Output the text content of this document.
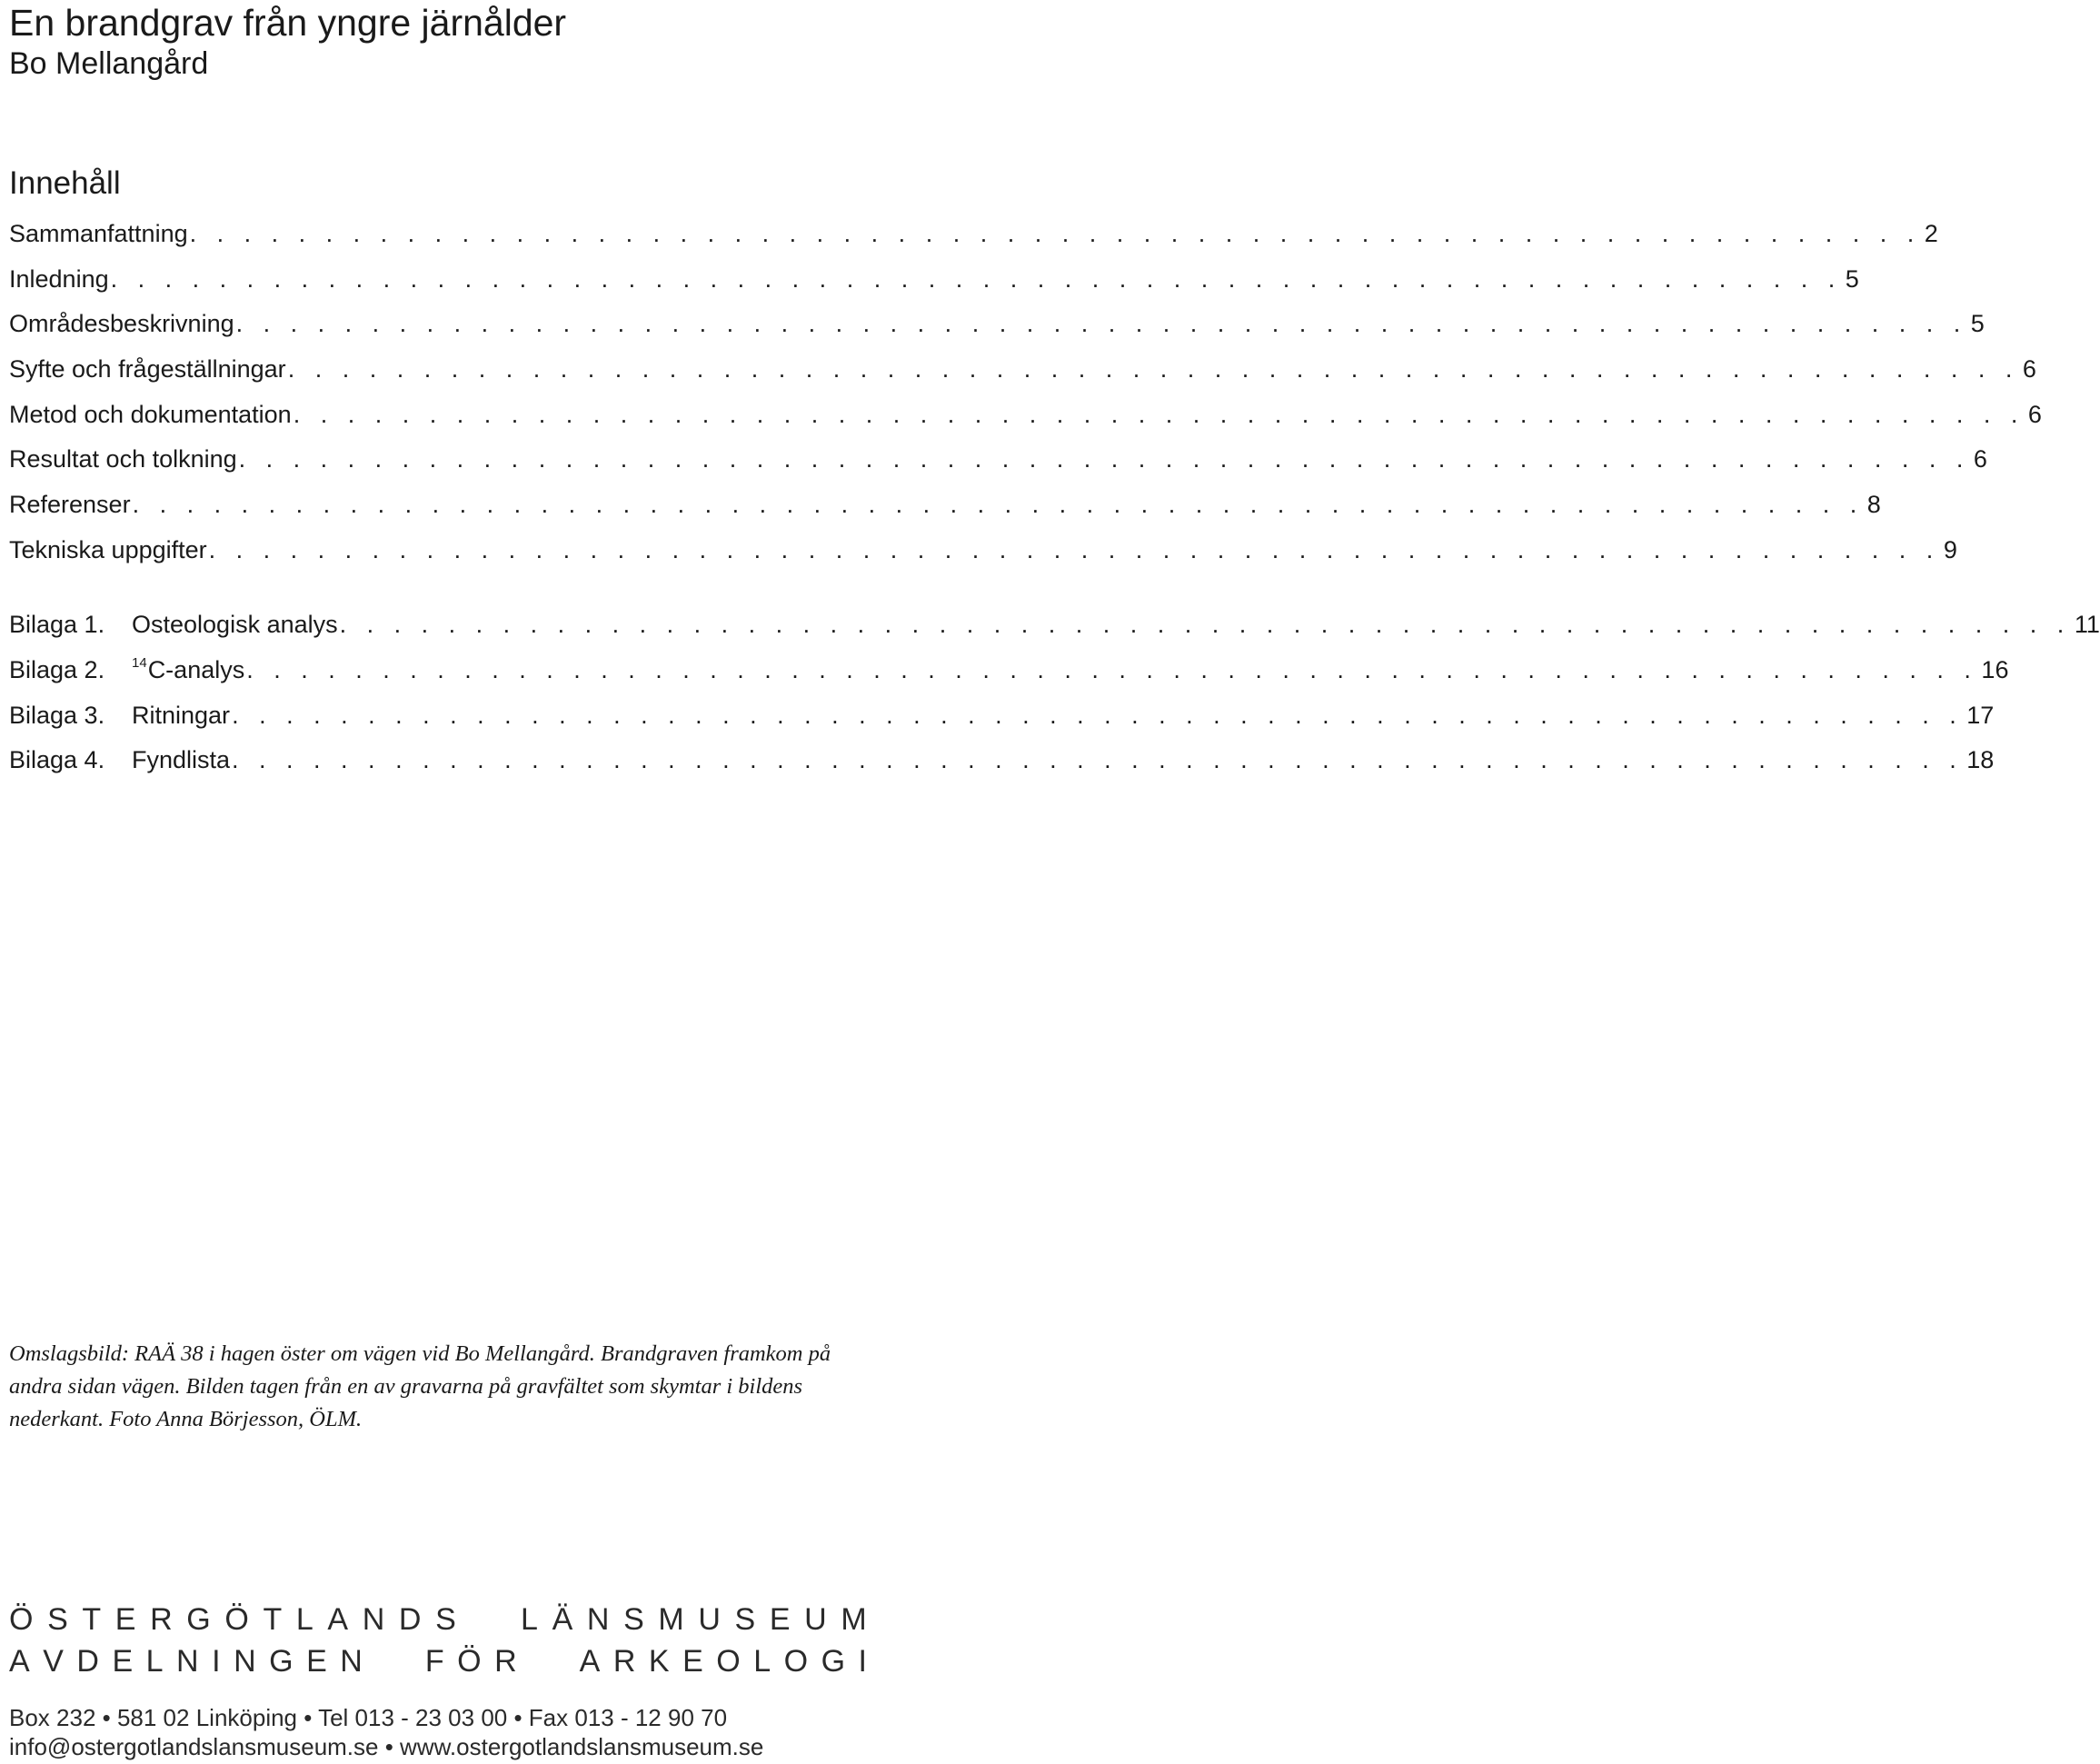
En brandgrav från yngre järnålder
Bo Mellangård
Innehåll
Sammanfattning . . . . . . . . . . . . . . . . . . . . . . . . . . . . . . . . . . . . . . . . . . . . . . . . . . . . . . . . . . . . . . . . 2
Inledning . . . . . . . . . . . . . . . . . . . . . . . . . . . . . . . . . . . . . . . . . . . . . . . . . . . . . . . . . . . . . . . . 5
Områdesbeskrivning . . . . . . . . . . . . . . . . . . . . . . . . . . . . . . . . . . . . . . . . . . . . . . . . . . . . . . . . . . . . . . . . 5
Syfte och frågeställningar . . . . . . . . . . . . . . . . . . . . . . . . . . . . . . . . . . . . . . . . . . . . . . . . . . . . . . . . . . . . . . . . 6
Metod och dokumentation . . . . . . . . . . . . . . . . . . . . . . . . . . . . . . . . . . . . . . . . . . . . . . . . . . . . . . . . . . . . . . . . 6
Resultat och tolkning . . . . . . . . . . . . . . . . . . . . . . . . . . . . . . . . . . . . . . . . . . . . . . . . . . . . . . . . . . . . . . . . 6
Referenser . . . . . . . . . . . . . . . . . . . . . . . . . . . . . . . . . . . . . . . . . . . . . . . . . . . . . . . . . . . . . . . . 8
Tekniska uppgifter . . . . . . . . . . . . . . . . . . . . . . . . . . . . . . . . . . . . . . . . . . . . . . . . . . . . . . . . . . . . . . . . 9
Bilaga 1. Osteologisk analys . . . . . . . . . . . . . . . . . . . . . . . . . . . . . . . . . . . . . . . . . . . . . . . . . . . . . . . . . . . . . . . . 11
Bilaga 2. $^{14}$C-analys . . . . . . . . . . . . . . . . . . . . . . . . . . . . . . . . . . . . . . . . . . . . . . . . . . . . . . . . . . . . . . . . 16
Bilaga 3. Ritningar . . . . . . . . . . . . . . . . . . . . . . . . . . . . . . . . . . . . . . . . . . . . . . . . . . . . . . . . . . . . . . . . 17
Bilaga 4. Fyndlista . . . . . . . . . . . . . . . . . . . . . . . . . . . . . . . . . . . . . . . . . . . . . . . . . . . . . . . . . . . . . . . . 18
Omslagsbild: RAÄ 38 i hagen öster om vägen vid Bo Mellangård. Brandgraven framkom på andra sidan vägen. Bilden tagen från en av gravarna på gravfältet som skymtar i bildens nederkant. Foto Anna Börjesson, ÖLM.
Ö S T E R G Ö T L A N D S
L Ä N S M U S E U M
A V D E L N I N G E N
F Ö R
A R K E O L O G I
Box 232 • 581 02 Linköping • Tel 013 - 23 03 00 • Fax 013 - 12 90 70
info@ostergotlandslansmuseum.se • www.ostergotlandslansmuseum.se
